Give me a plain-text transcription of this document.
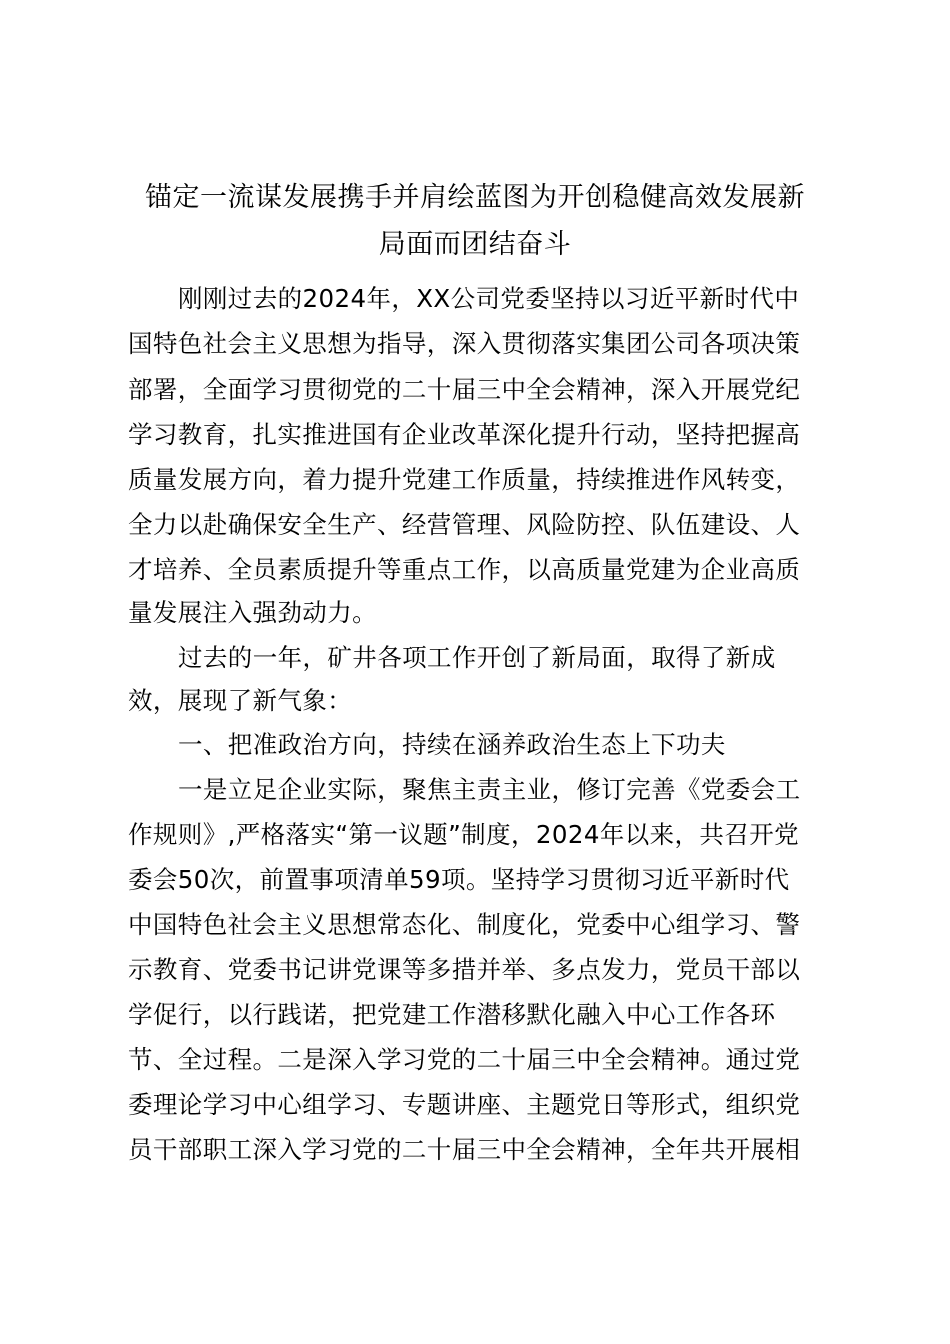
锚定一流谋发展携手并肩绘蓝图为开创稳健高效发展新
局面而团结奋斗
刚刚过去的2024年，XX公司党委坚持以习近平新时代中
国特色社会主义思想为指导，深入贯彻落实集团公司各项决策
部署，全面学习贯彻党的二十届三中全会精神，深入开展党纪
学习教育，扎实推进国有企业改革深化提升行动，坚持把握高
质量发展方向，着力提升党建工作质量，持续推进作风转变，
全力以赴确保安全生产、经营管理、风险防控、队伍建设、人
才培养、全员素质提升等重点工作，以高质量党建为企业高质
量发展注入强劲动力。
过去的一年，矿井各项工作开创了新局面，取得了新成
效，展现了新气象：
一、把准政治方向，持续在涵养政治生态上下功夫
一是立足企业实际，聚焦主责主业，修订完善《党委会工
作规则》,严格落实“第一议题”制度，2024年以来，共召开党
委会50次，前置事项清单59项。坚持学习贯彻习近平新时代
中国特色社会主义思想常态化、制度化，党委中心组学习、警
示教育、党委书记讲党课等多措并举、多点发力，党员干部以
学促行，以行践诺，把党建工作潜移默化融入中心工作各环
节、全过程。二是深入学习党的二十届三中全会精神。通过党
委理论学习中心组学习、专题讲座、主题党日等形式，组织党
员干部职工深入学习党的二十届三中全会精神，全年共开展相
